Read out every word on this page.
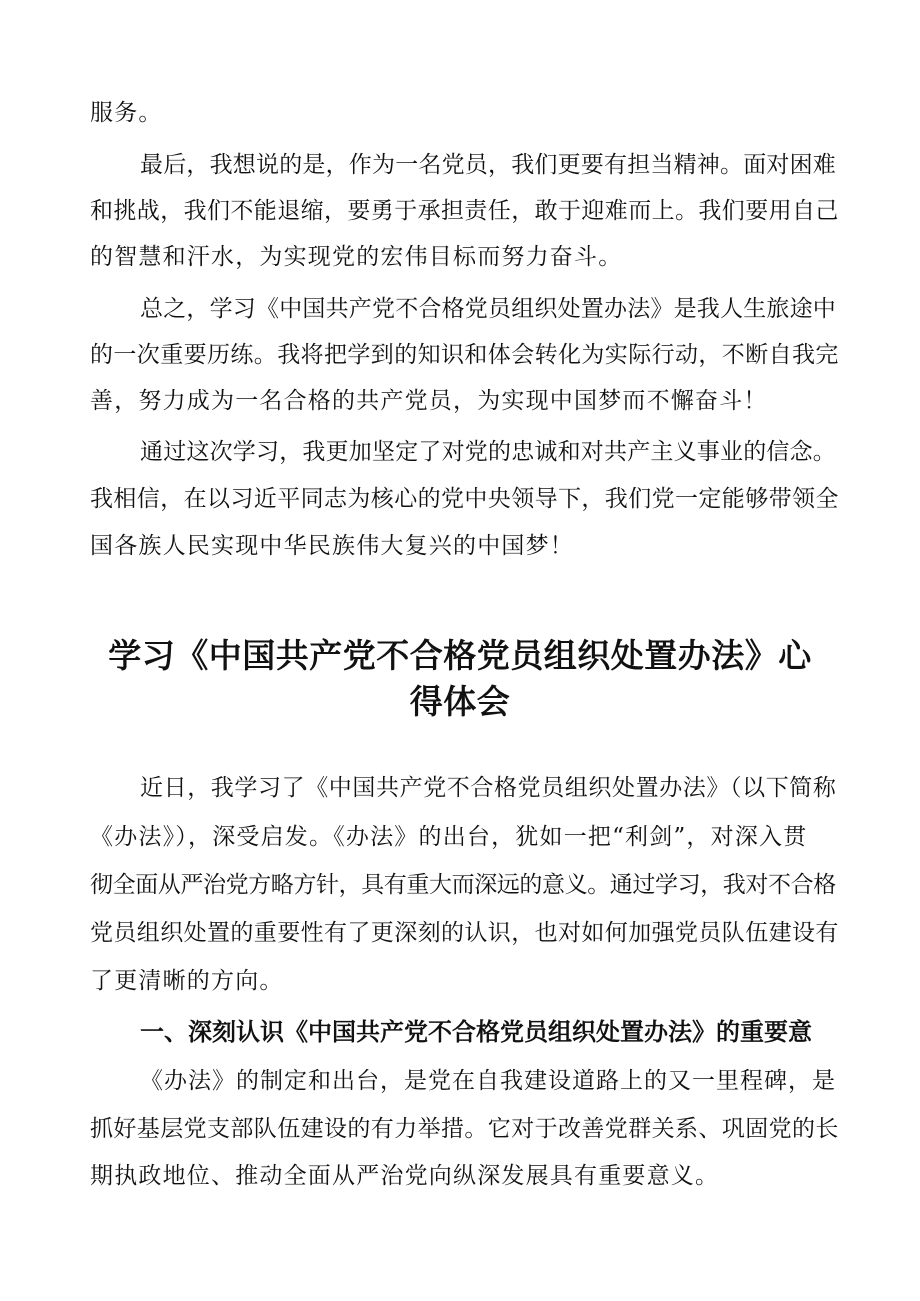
服务。

最后，我想说的是，作为一名党员，我们更要有担当精神。面对困难

和挑战，我们不能退缩，要勇于承担责任，敢于迎难而上。我们要用自己

的智慧和汗水，为实现党的宏伟目标而努力奋斗。

总之，学习《中国共产党不合格党员组织处置办法》是我人生旅途中

的一次重要历练。我将把学到的知识和体会转化为实际行动，不断自我完

善，努力成为一名合格的共产党员，为实现中国梦而不懈奋斗！

通过这次学习，我更加坚定了对党的忠诚和对共产主义事业的信念。

我相信，在以习近平同志为核心的党中央领导下，我们党一定能够带领全

国各族人民实现中华民族伟大复兴的中国梦！

学习《中国共产党不合格党员组织处置办法》心
得体会

近日，我学习了《中国共产党不合格党员组织处置办法》（以下简称

《办法》），深受启发。《办法》的出台，犹如一把“利剑”，对深入贯

彻全面从严治党方略方针，具有重大而深远的意义。通过学习，我对不合格

党员组织处置的重要性有了更深刻的认识，也对如何加强党员队伍建设有

了更清晰的方向。

一、深刻认识《中国共产党不合格党员组织处置办法》的重要意

《办法》的制定和出台，是党在自我建设道路上的又一里程碑，是

抓好基层党支部队伍建设的有力举措。它对于改善党群关系、巩固党的长

期执政地位、推动全面从严治党向纵深发展具有重要意义。
